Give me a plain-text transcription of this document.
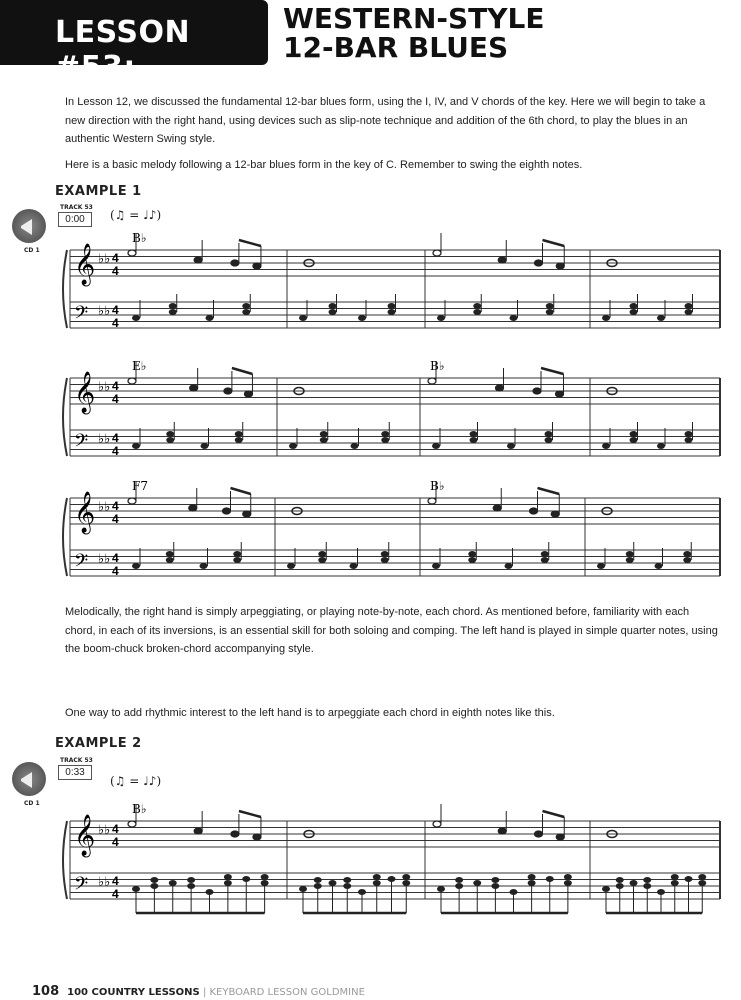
LESSON #53:
WESTERN-STYLE
12-BAR BLUES
In Lesson 12, we discussed the fundamental 12-bar blues form, using the I, IV, and V chords of the key. Here we will begin to take a new direction with the right hand, using devices such as slip-note technique and addition of the 6th chord, to play the blues in an authentic Western Swing style.
Here is a basic melody following a 12-bar blues form in the key of C. Remember to swing the eighth notes.
EXAMPLE 1
TRACK 53
0:00
CD 1
(♫ = ♩♪)
𝄞 ♭♭ 4
4
𝄢 ♭♭ 4
4
B♭
𝄞 ♭♭ 4
4
𝄢 ♭♭ 4
4
E♭	B♭
𝄞 ♭♭ 4
4
𝄢 ♭♭ 4
4
F7	B♭
Melodically, the right hand is simply arpeggiating, or playing note-by-note, each chord. As mentioned before, familiarity with each chord, in each of its inversions, is an essential skill for both soloing and comping. The left hand is played in simple quarter notes, using the boom-chuck broken-chord accompanying style.
One way to add rhythmic interest to the left hand is to arpeggiate each chord in eighth notes like this.
EXAMPLE 2
TRACK 53
0:33
CD 1
(♫ = ♩♪)
𝄞 ♭♭ 4
4
𝄢 ♭♭ 4
4
B♭
108 100 COUNTRY LESSONS | KEYBOARD LESSON GOLDMINE
